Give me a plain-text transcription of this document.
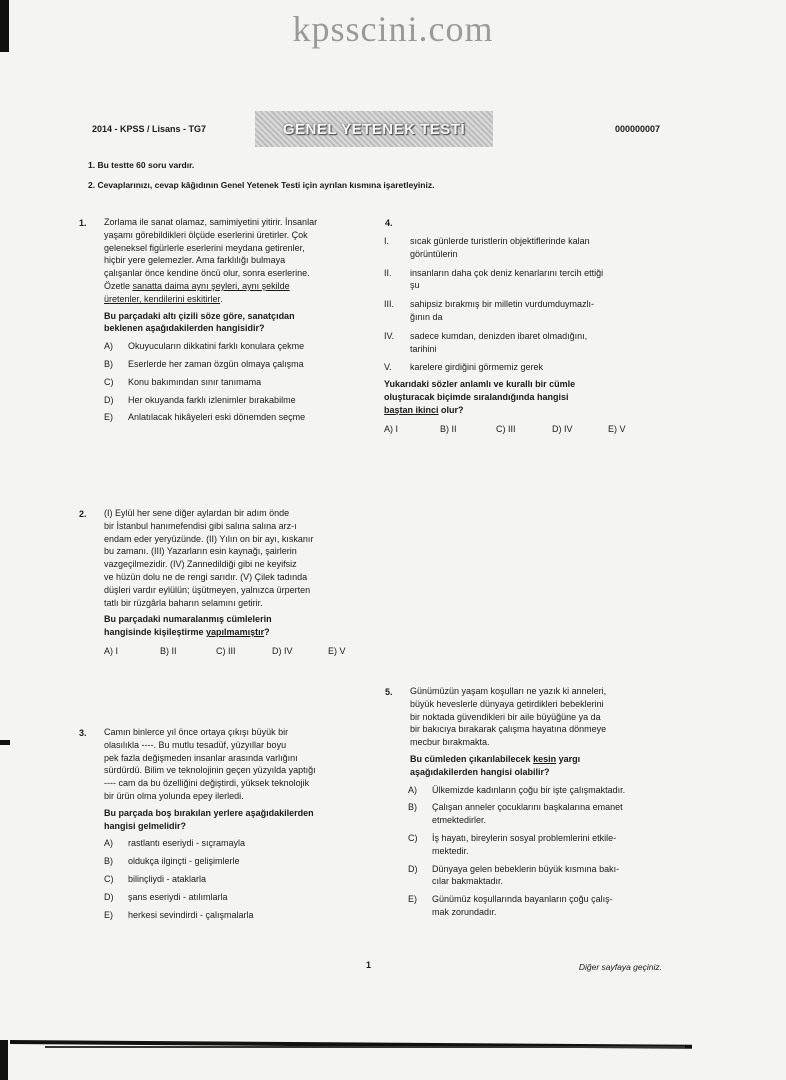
kpsscini.com
2014 - KPSS / Lisans - TG7	GENEL YETENEK TESTİ	000000007
1. Bu testte 60 soru vardır.
2. Cevaplarınızı, cevap kâğıdının Genel Yetenek Testi için ayrılan kısmına işaretleyiniz.
1. Zorlama ile sanat olamaz, samimiyetini yitirir. İnsanlar
yaşamı görebildikleri ölçüde eserlerini üretirler. Çok
geleneksel figürlerle eserlerini meydana getirenler,
hiçbir yere gelemezler. Ama farklılığı bulmaya
çalışanlar önce kendine öncü olur, sonra eserlerine.
Özetle sanatta daima aynı şeyleri, aynı şekilde
üretenler, kendilerini eskitirler.

Bu parçadaki altı çizili söze göre, sanatçıdan
beklenen aşağıdakilerden hangisidir?
A)	Okuyucuların dikkatini farklı konulara çekme
B)	Eserlerde her zaman özgün olmaya çalışma
C)	Konu bakımından sınır tanımama
D)	Her okuyanda farklı izlenimler bırakabilme
E)	Anlatılacak hikâyeleri eski dönemden seçme
4.
I.	sıcak günlerde turistlerin objektiflerinde kalan
görüntülerin
II.	insanların daha çok deniz kenarlarını tercih ettiği
şu
III.	sahipsiz bırakmış bir milletin vurdumduymazlı-
ğının da
IV.	sadece kumdan, denizden ibaret olmadığını,
tarihini
V.	karelere girdiğini görmemiz gerek
Yukarıdaki sözler anlamlı ve kurallı bir cümle
oluşturacak biçimde sıralandığında hangisi
baştan ikinci olur?
A) I	B) II	C) III	D) IV	E) V
2. (I) Eylül her sene diğer aylardan bir adım önde
bir İstanbul hanımefendisi gibi salına salına arz-ı
endam eder yeryüzünde. (II) Yılın on bir ayı, kıskanır
bu zamanı. (III) Yazarların esin kaynağı, şairlerin
vazgeçilmezidir. (IV) Zannedildiği gibi ne keyifsiz
ve hüzün dolu ne de rengi sarıdır. (V) Çilek tadında
düşleri vardır eylülün; üşütmeyen, yalnızca ürperten
tatlı bir rüzgârla baharın selamını getirir.

Bu parçadaki numaralanmış cümlelerin
hangisinde kişileştirme yapılmamıştır?
A) I	B) II	C) III	D) IV	E) V
5. Günümüzün yaşam koşulları ne yazık ki anneleri,
büyük heveslerle dünyaya getirdikleri bebeklerini
bir noktada güvendikleri bir aile büyüğüne ya da
bir bakıcıya bırakarak çalışma hayatına dönmeye
mecbur bırakmakta.

Bu cümleden çıkarılabilecek kesin yargı
aşağıdakilerden hangisi olabilir?
A)	Ülkemizde kadınların çoğu bir işte çalışmaktadır.
B)	Çalışan anneler çocuklarını başkalarına emanet
etmektedirler.
C)	İş hayatı, bireylerin sosyal problemlerini etkile-
mektedir.
D)	Dünyaya gelen bebeklerin büyük kısmına bakı-
cılar bakmaktadır.
E)	Günümüz koşullarında bayanların çoğu çalış-
mak zorundadır.
3. Camın binlerce yıl önce ortaya çıkışı büyük bir
olasılıkla ----. Bu mutlu tesadüf, yüzyıllar boyu
pek fazla değişmeden insanlar arasında varlığını
sürdürdü. Bilim ve teknolojinin geçen yüzyılda yaptığı
---- cam da bu özelliğini değiştirdi, yüksek teknolojik
bir ürün olma yolunda epey ilerledi.

Bu parçada boş bırakılan yerlere aşağıdakilerden
hangisi gelmelidir?
A)	rastlantı eseriydi - sıçramayla
B)	oldukça ilginçti - gelişimlerle
C)	bilinçliydi - ataklarla
D)	şans eseriydi - atılımlarla
E)	herkesi sevindirdi - çalışmalarla
1	Diğer sayfaya geçiniz.
